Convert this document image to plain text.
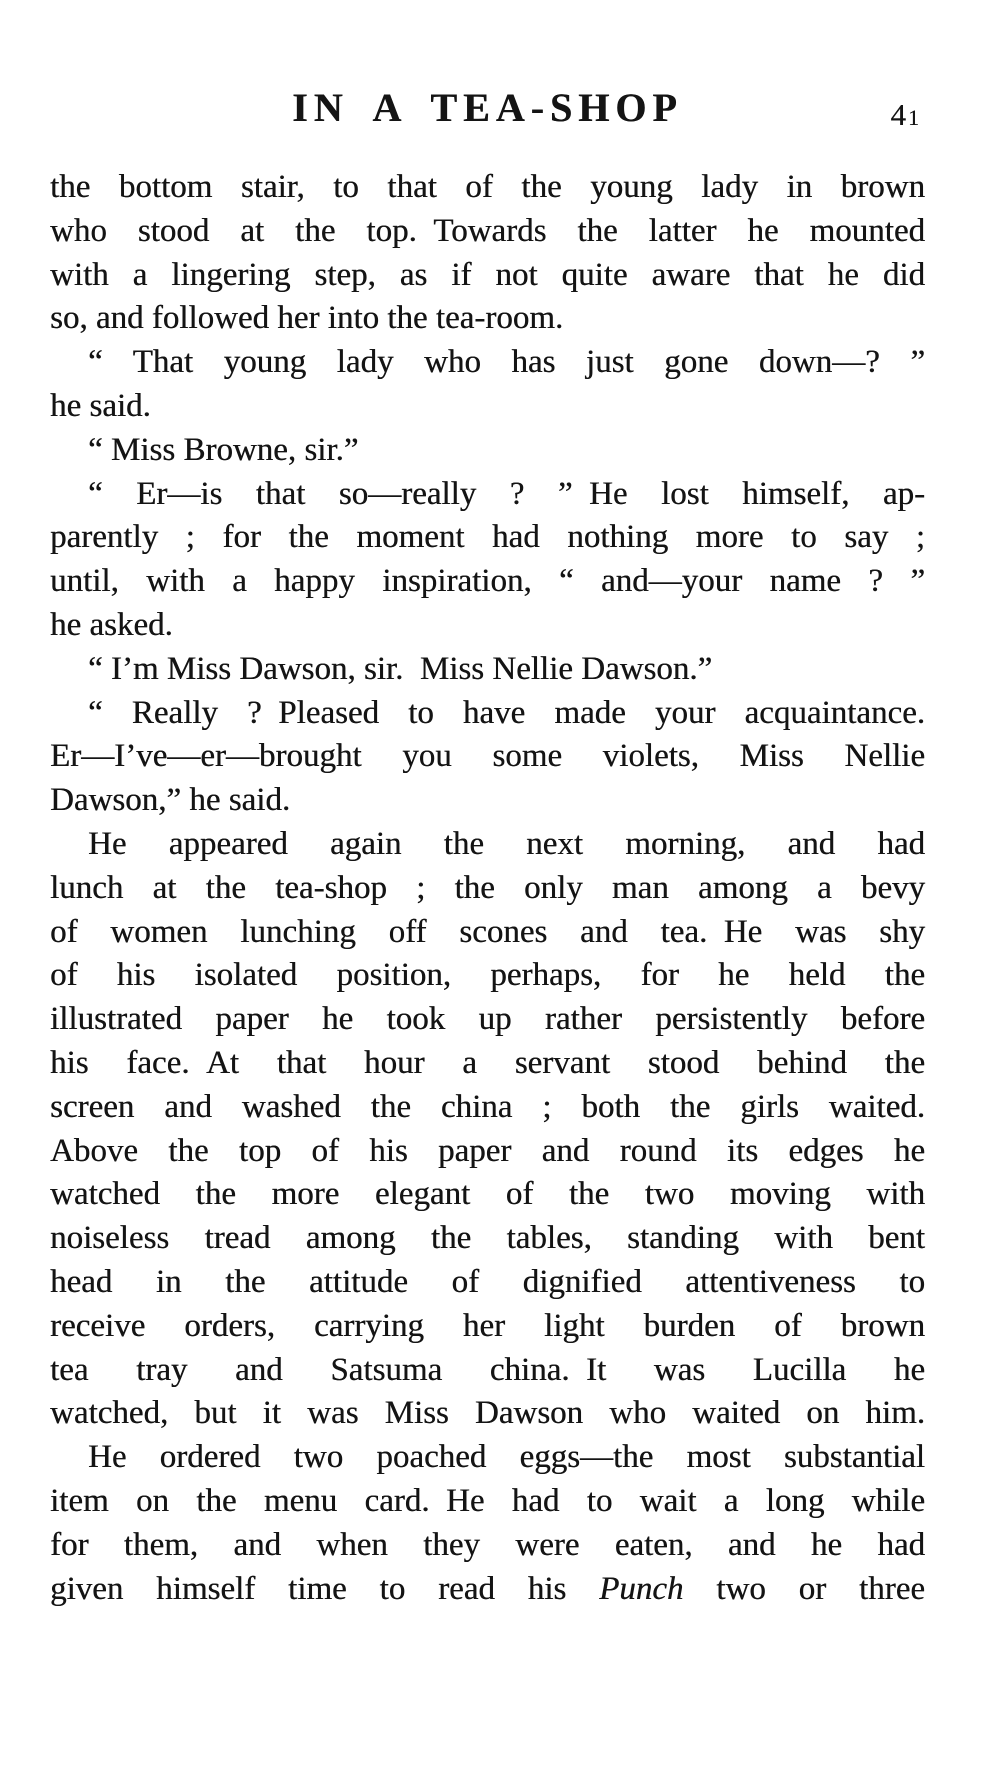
IN A TEA-SHOP	41
the bottom stair, to that of the young lady in brown
who stood at the top. Towards the latter he mounted
with a lingering step, as if not quite aware that he did
so, and followed her into the tea-room.
“ That young lady who has just gone down—? ”
he said.
“ Miss Browne, sir.”
“ Er—is that so—really ? ” He lost himself, ap-
parently ; for the moment had nothing more to say ;
until, with a happy inspiration, “ and—your name ? ”
he asked.
“ I’m Miss Dawson, sir. Miss Nellie Dawson.”
“ Really ? Pleased to have made your acquaintance.
Er—I’ve—er—brought you some violets, Miss Nellie
Dawson,” he said.
He appeared again the next morning, and had
lunch at the tea-shop ; the only man among a bevy
of women lunching off scones and tea. He was shy
of his isolated position, perhaps, for he held the
illustrated paper he took up rather persistently before
his face. At that hour a servant stood behind the
screen and washed the china ; both the girls waited.
Above the top of his paper and round its edges he
watched the more elegant of the two moving with
noiseless tread among the tables, standing with bent
head in the attitude of dignified attentiveness to
receive orders, carrying her light burden of brown
tea tray and Satsuma china. It was Lucilla he
watched, but it was Miss Dawson who waited on him.
He ordered two poached eggs—the most substantial
item on the menu card. He had to wait a long while
for them, and when they were eaten, and he had
given himself time to read his Punch two or three
